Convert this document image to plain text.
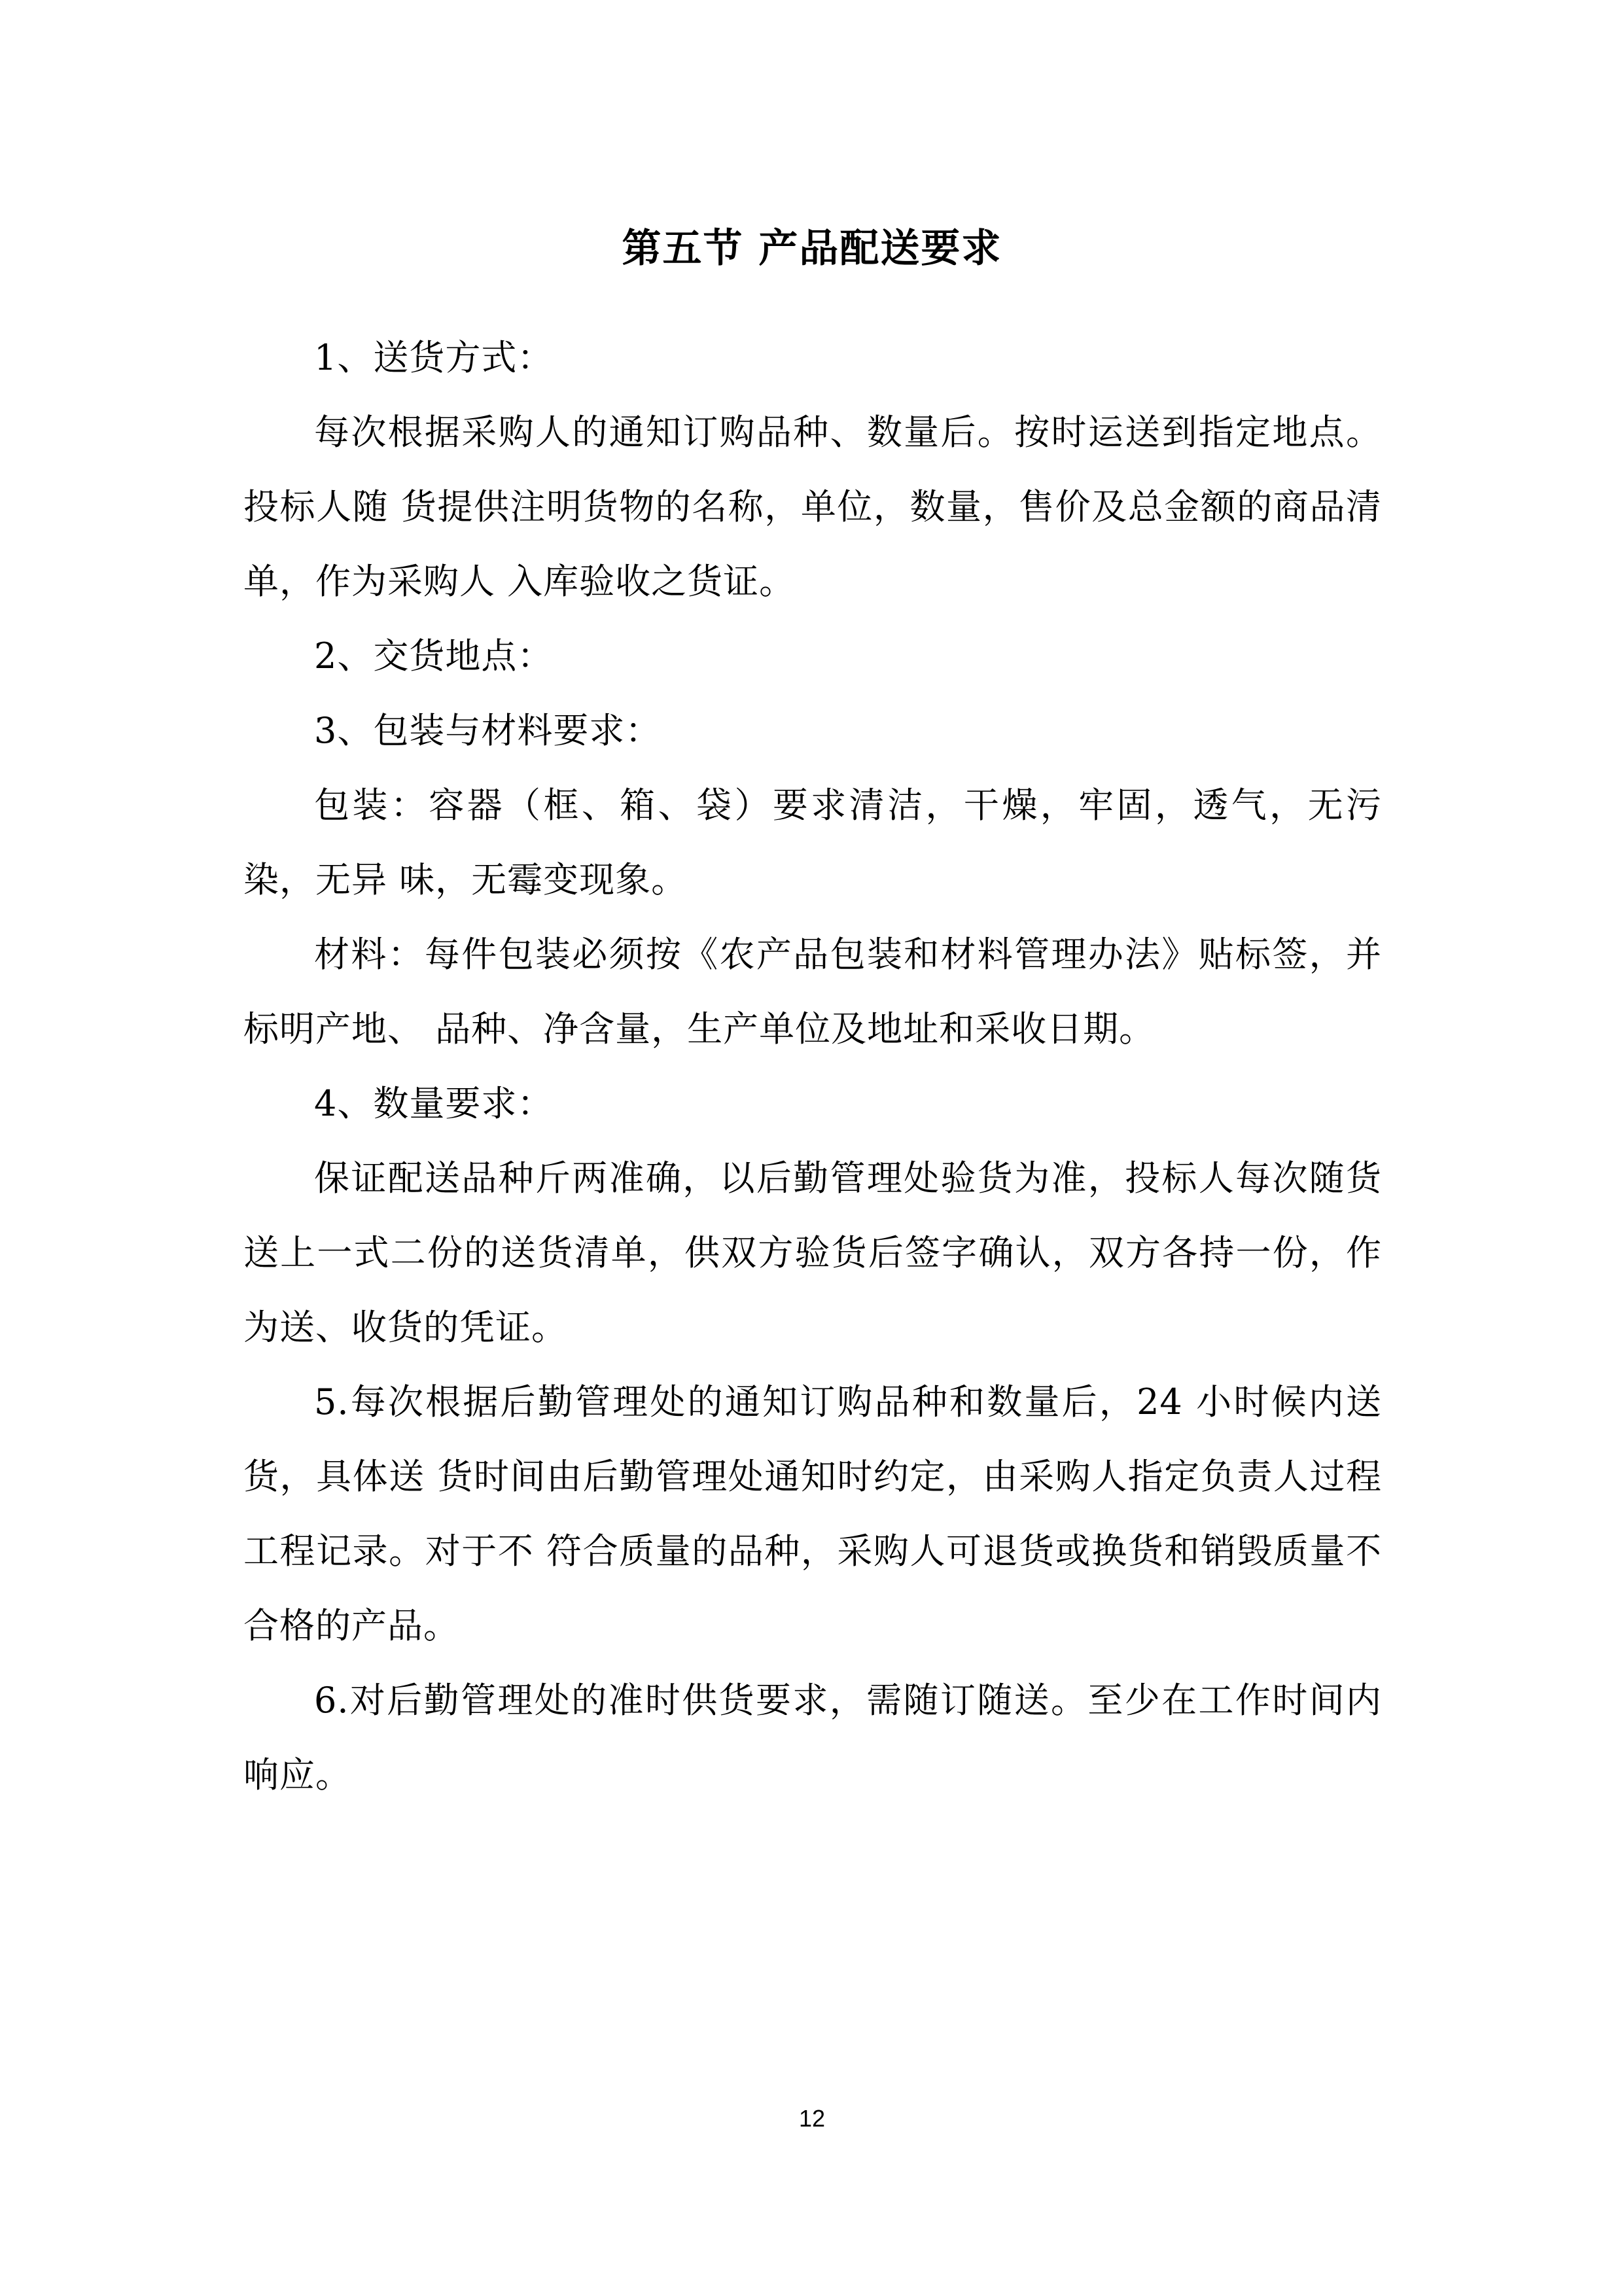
第五节 产品配送要求

1、送货方式：

每次根据采购人的通知订购品种、数量后。按时运送到指定地点。投标人随 货提供注明货物的名称，单位，数量，售价及总金额的商品清单，作为采购人 入库验收之货证。

2、交货地点：

3、包装与材料要求：

包装：容器（框、箱、袋）要求清洁，干燥，牢固，透气，无污染，无异 味，无霉变现象。

材料：每件包装必须按《农产品包装和材料管理办法》贴标签，并标明产地、 品种、净含量，生产单位及地址和采收日期。

4、数量要求：

保证配送品种斤两准确，以后勤管理处验货为准，投标人每次随货送上一式二份的送货清单，供双方验货后签字确认，双方各持一份，作为送、收货的凭证。

5.每次根据后勤管理处的通知订购品种和数量后，24 小时候内送货，具体送 货时间由后勤管理处通知时约定，由采购人指定负责人过程工程记录。对于不 符合质量的品种，采购人可退货或换货和销毁质量不合格的产品。

6.对后勤管理处的准时供货要求，需随订随送。至少在工作时间内响应。

12
